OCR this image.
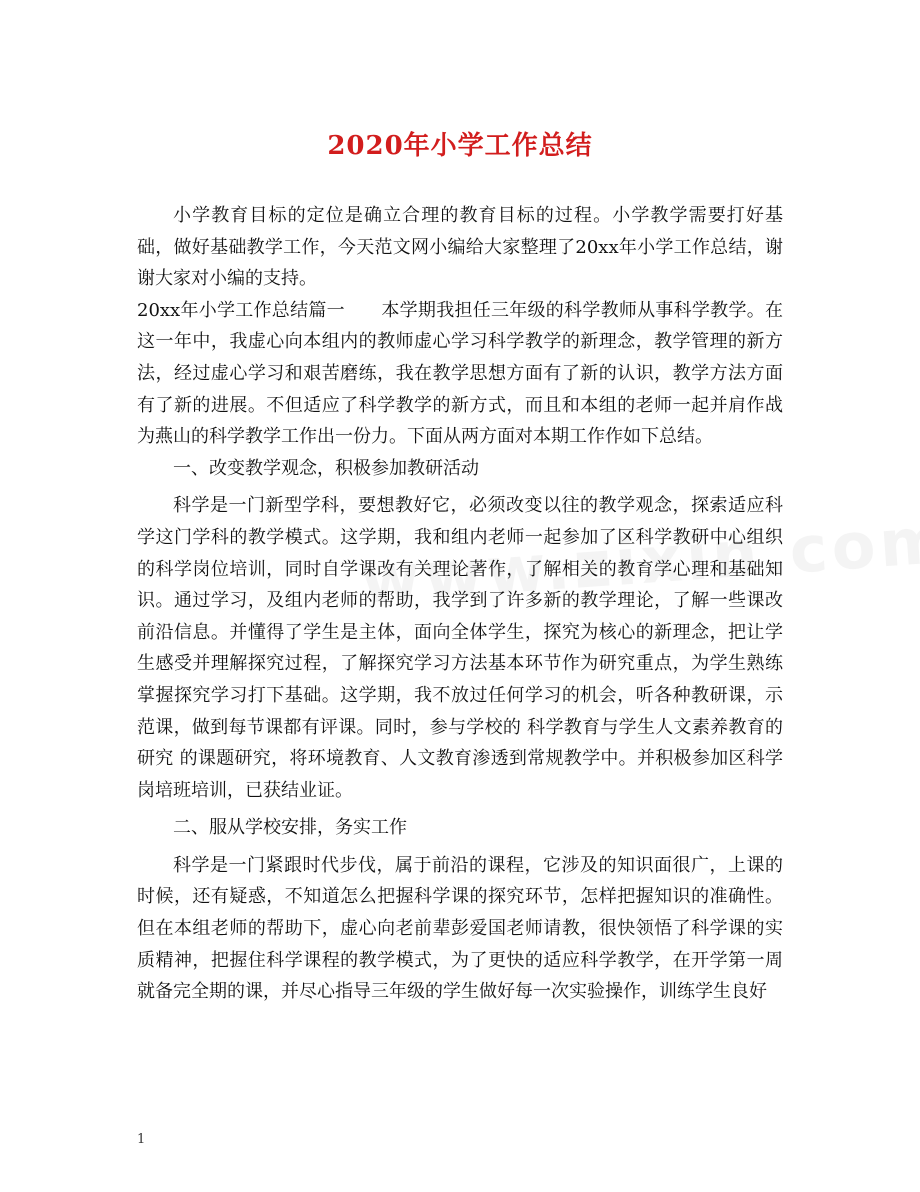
2020年小学工作总结

小学教育目标的定位是确立合理的教育目标的过程。小学教学需要打好基础，做好基础教学工作，今天范文网小编给大家整理了20xx年小学工作总结，谢谢大家对小编的支持。

20xx年小学工作总结篇一　　本学期我担任三年级的科学教师从事科学教学。在这一年中，我虚心向本组内的教师虚心学习科学教学的新理念，教学管理的新方法，经过虚心学习和艰苦磨练，我在教学思想方面有了新的认识，教学方法方面有了新的进展。不但适应了科学教学的新方式，而且和本组的老师一起并肩作战为燕山的科学教学工作出一份力。下面从两方面对本期工作作如下总结。

一、改变教学观念，积极参加教研活动

科学是一门新型学科，要想教好它，必须改变以往的教学观念，探索适应科学这门学科的教学模式。这学期，我和组内老师一起参加了区科学教研中心组织的科学岗位培训，同时自学课改有关理论著作，了解相关的教育学心理和基础知识。通过学习，及组内老师的帮助，我学到了许多新的教学理论，了解一些课改前沿信息。并懂得了学生是主体，面向全体学生，探究为核心的新理念，把让学生感受并理解探究过程，了解探究学习方法基本环节作为研究重点，为学生熟练掌握探究学习打下基础。这学期，我不放过任何学习的机会，听各种教研课，示范课，做到每节课都有评课。同时，参与学校的 科学教育与学生人文素养教育的研究 的课题研究，将环境教育、人文教育渗透到常规教学中。并积极参加区科学岗培班培训，已获结业证。

二、服从学校安排，务实工作

科学是一门紧跟时代步伐，属于前沿的课程，它涉及的知识面很广，上课的时候，还有疑惑，不知道怎么把握科学课的探究环节，怎样把握知识的准确性。但在本组老师的帮助下，虚心向老前辈彭爱国老师请教，很快领悟了科学课的实质精神，把握住科学课程的教学模式，为了更快的适应科学教学，在开学第一周就备完全期的课，并尽心指导三年级的学生做好每一次实验操作，训练学生良好

1
